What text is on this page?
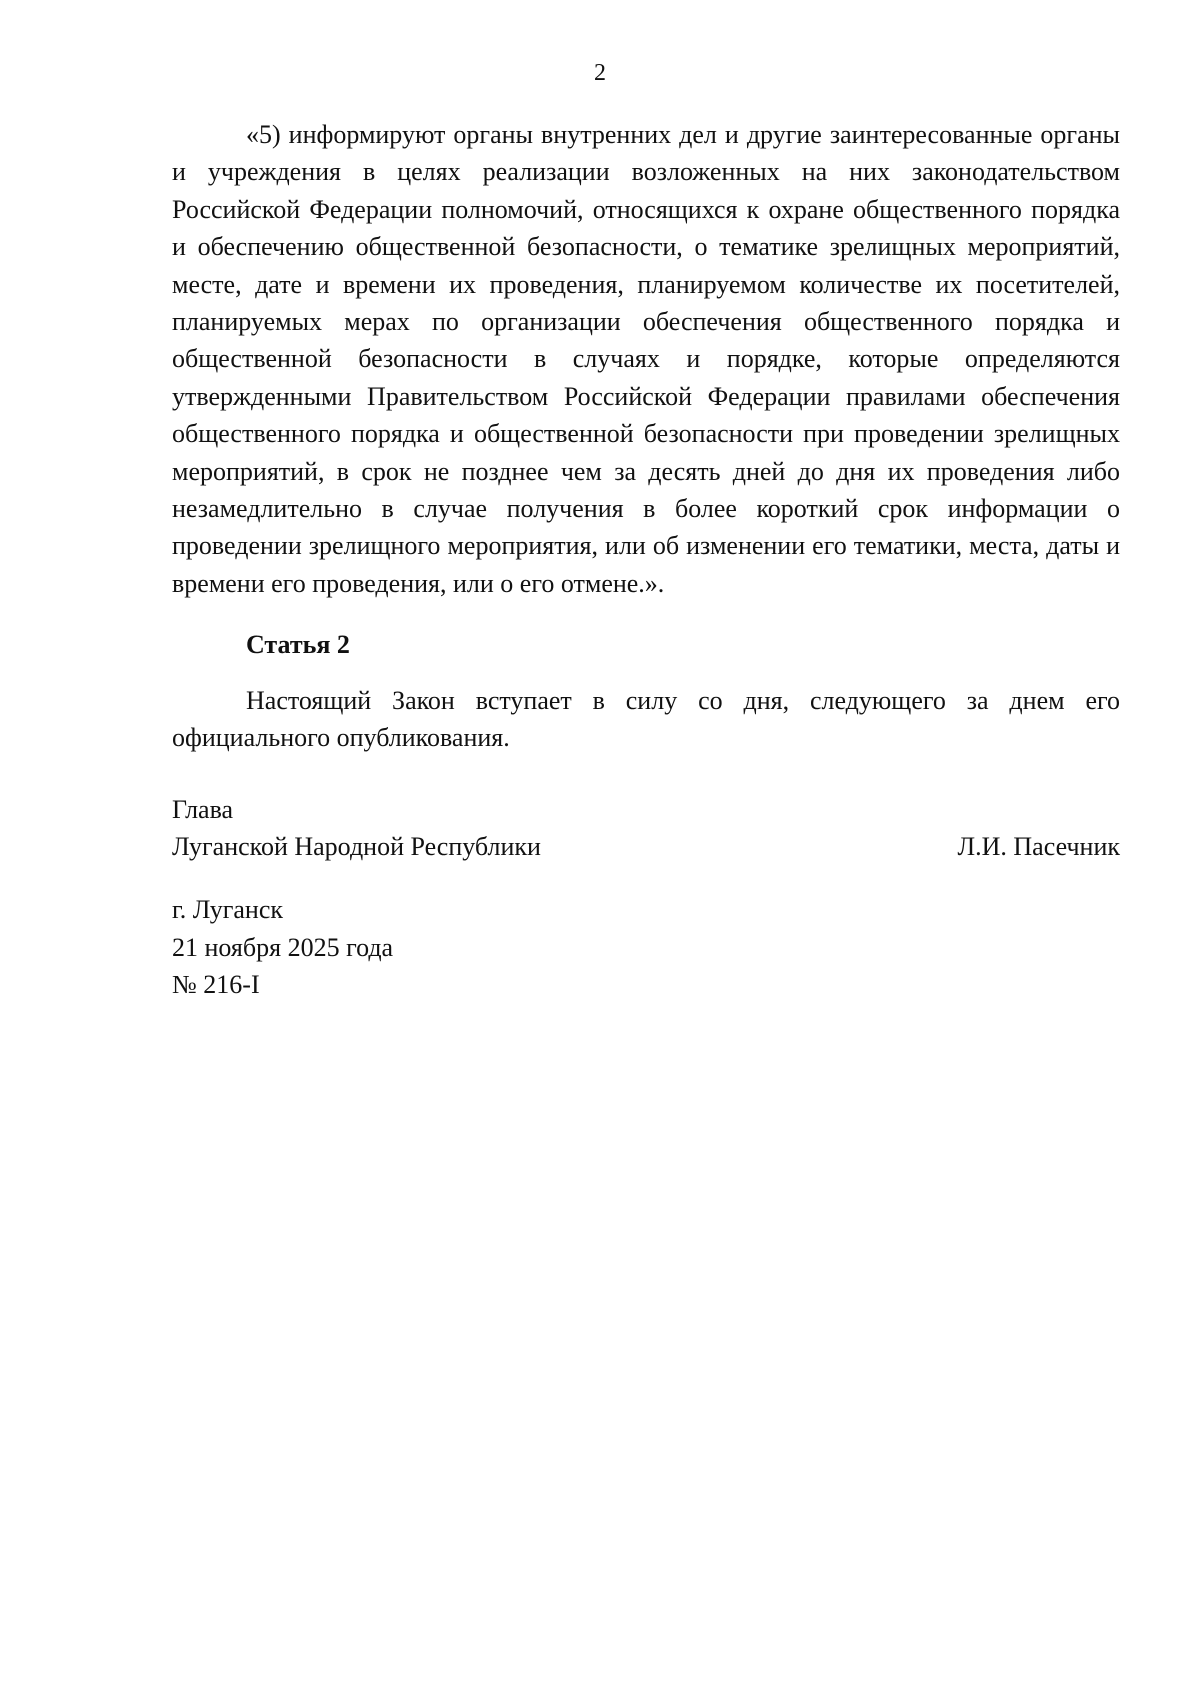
2

«5) информируют органы внутренних дел и другие заинтересованные органы и учреждения в целях реализации возложенных на них законодательством Российской Федерации полномочий, относящихся к охране общественного порядка и обеспечению общественной безопасности, о тематике зрелищных мероприятий, месте, дате и времени их проведения, планируемом количестве их посетителей, планируемых мерах по организации обеспечения общественного порядка и общественной безопасности в случаях и порядке, которые определяются утвержденными Правительством Российской Федерации правилами обеспечения общественного порядка и общественной безопасности при проведении зрелищных мероприятий, в срок не позднее чем за десять дней до дня их проведения либо незамедлительно в случае получения в более короткий срок информации о проведении зрелищного мероприятия, или об изменении его тематики, места, даты и времени его проведения, или о его отмене.».

Статья 2

Настоящий Закон вступает в силу со дня, следующего за днем его официального опубликования.

Глава
Луганской Народной Республики	Л.И. Пасечник
г. Луганск
21 ноября 2025 года
№ 216-I
